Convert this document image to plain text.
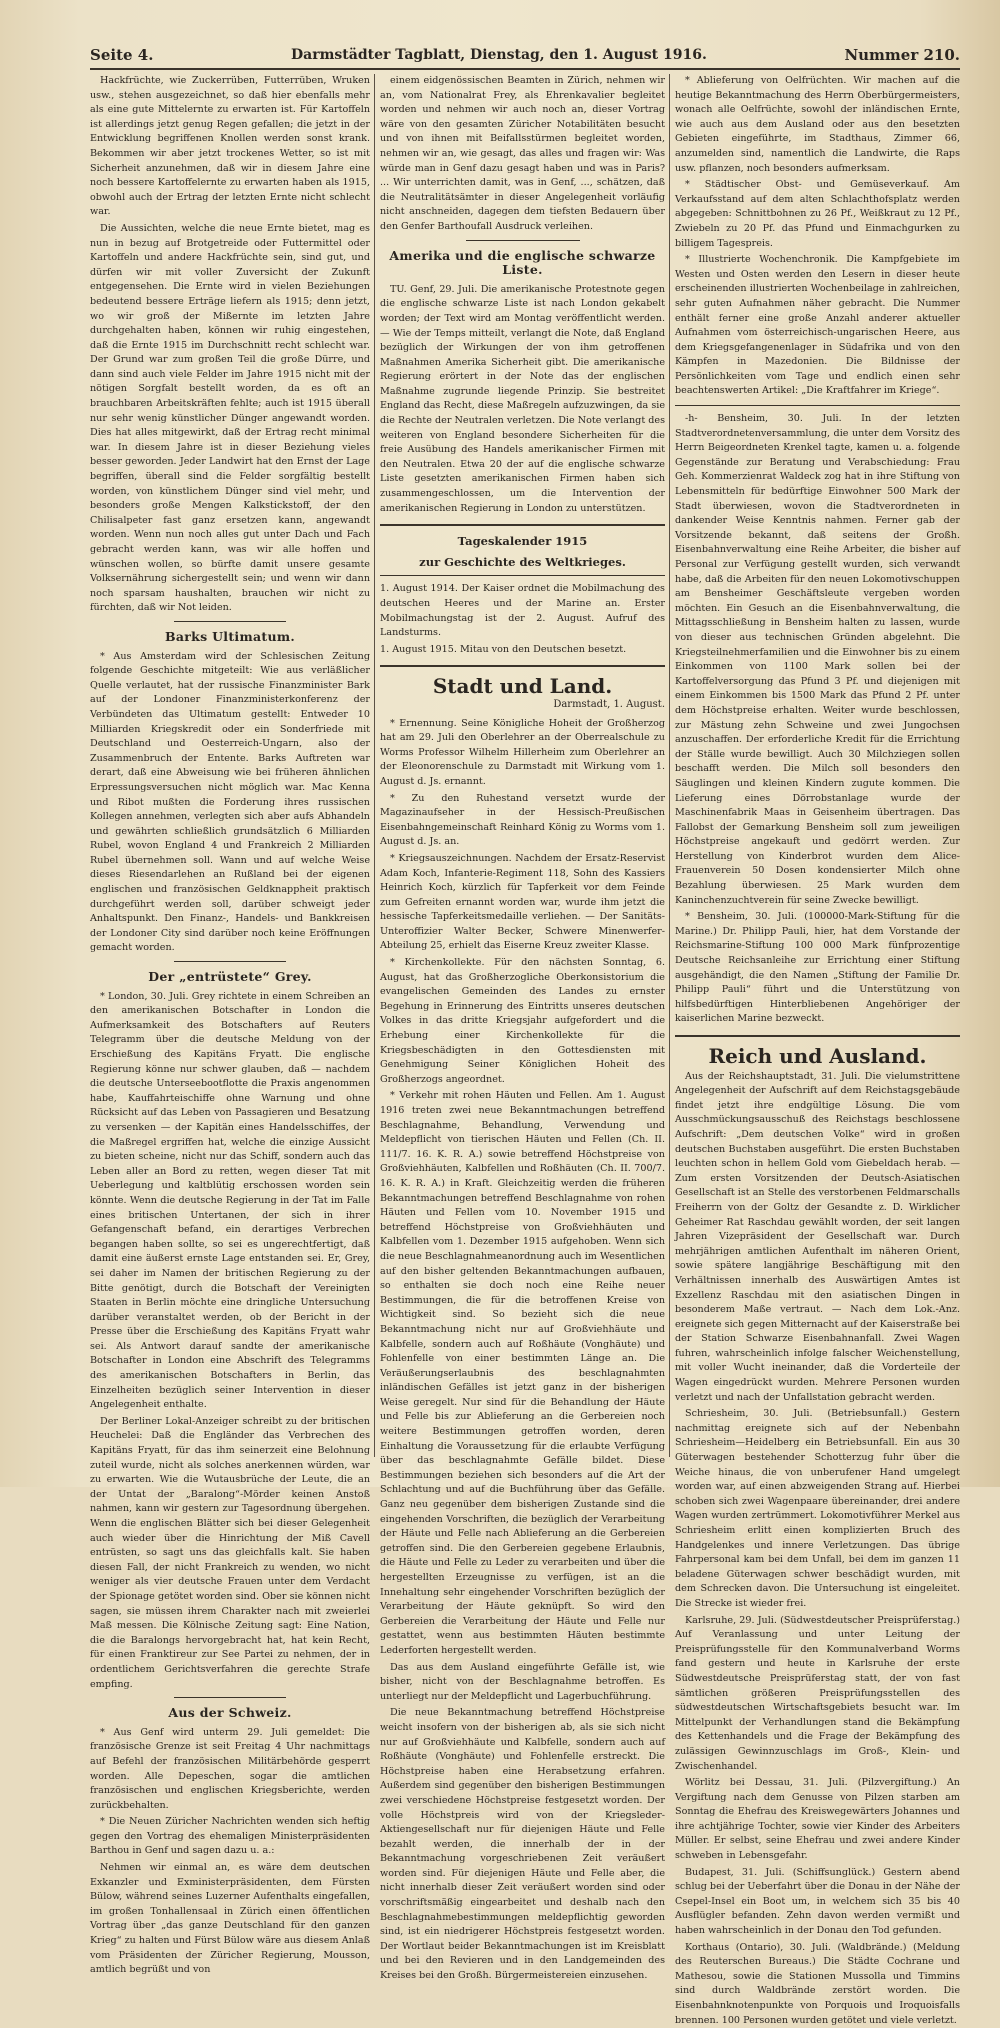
Seite 4.	Darmstädter Tagblatt, Dienstag, den 1. August 1916.	Nummer 210.

Hackfrüchte, wie Zuckerrüben, Futterrüben, Wruken usw., stehen ausgezeichnet, so daß hier ebenfalls mehr als eine gute Mittelernte zu erwarten ist. Für Kartoffeln ist allerdings jetzt genug Regen gefallen; die jetzt in der Entwicklung begriffenen Knollen werden sonst krank. Bekommen wir aber jetzt trockenes Wetter, so ist mit Sicherheit anzunehmen, daß wir in diesem Jahre eine noch bessere Kartoffelernte zu erwarten haben als 1915, obwohl auch der Ertrag der letzten Ernte nicht schlecht war.

Die Aussichten, welche die neue Ernte bietet, mag es nun in bezug auf Brotgetreide oder Futtermittel oder Kartoffeln und andere Hackfrüchte sein, sind gut, und dürfen wir mit voller Zuversicht der Zukunft entgegensehen. Die Ernte wird in vielen Beziehungen bedeutend bessere Erträge liefern als 1915; denn jetzt, wo wir groß der Mißernte im letzten Jahre durchgehalten haben, können wir ruhig eingestehen, daß die Ernte 1915 im Durchschnitt recht schlecht war. Der Grund war zum großen Teil die große Dürre, und dann sind auch viele Felder im Jahre 1915 nicht mit der nötigen Sorgfalt bestellt worden, da es oft an brauchbaren Arbeitskräften fehlte; auch ist 1915 überall nur sehr wenig künstlicher Dünger angewandt worden. Dies hat alles mitgewirkt, daß der Ertrag recht minimal war. In diesem Jahre ist in dieser Beziehung vieles besser geworden. Jeder Landwirt hat den Ernst der Lage begriffen, überall sind die Felder sorgfältig bestellt worden, von künstlichem Dünger sind viel mehr, und besonders große Mengen Kalkstickstoff, der den Chilisalpeter fast ganz ersetzen kann, angewandt worden. Wenn nun noch alles gut unter Dach und Fach gebracht werden kann, was wir alle hoffen und wünschen wollen, so bürfte damit unsere gesamte Volksernährung sichergestellt sein; und wenn wir dann noch sparsam haushalten, brauchen wir nicht zu fürchten, daß wir Not leiden.

Barks Ultimatum.

* Aus Amsterdam wird der Schlesischen Zeitung folgende Geschichte mitgeteilt: Wie aus verläßlicher Quelle verlautet, hat der russische Finanzminister Bark auf der Londoner Finanzministerkonferenz der Verbündeten das Ultimatum gestellt: Entweder 10 Milliarden Kriegskredit oder ein Sonderfriede mit Deutschland und Oesterreich-Ungarn, also der Zusammenbruch der Entente. Barks Auftreten war derart, daß eine Abweisung wie bei früheren ähnlichen Erpressungsversuchen nicht möglich war. Mac Kenna und Ribot mußten die Forderung ihres russischen Kollegen annehmen, verlegten sich aber aufs Abhandeln und gewährten schließlich grundsätzlich 6 Milliarden Rubel, wovon England 4 und Frankreich 2 Milliarden Rubel übernehmen soll. Wann und auf welche Weise dieses Riesendarlehen an Rußland bei der eigenen englischen und französischen Geldknappheit praktisch durchgeführt werden soll, darüber schweigt jeder Anhaltspunkt. Den Finanz-, Handels- und Bankkreisen der Londoner City sind darüber noch keine Eröffnungen gemacht worden.

Der „entrüstete“ Grey.

* London, 30. Juli. Grey richtete in einem Schreiben an den amerikanischen Botschafter in London die Aufmerksamkeit des Botschafters auf Reuters Telegramm über die deutsche Meldung von der Erschießung des Kapitäns Fryatt. Die englische Regierung könne nur schwer glauben, daß — nachdem die deutsche Unterseebootflotte die Praxis angenommen habe, Kauffahrteischiffe ohne Warnung und ohne Rücksicht auf das Leben von Passagieren und Besatzung zu versenken — der Kapitän eines Handelsschiffes, der die Maßregel ergriffen hat, welche die einzige Aussicht zu bieten scheine, nicht nur das Schiff, sondern auch das Leben aller an Bord zu retten, wegen dieser Tat mit Ueberlegung und kaltblütig erschossen worden sein könnte. Wenn die deutsche Regierung in der Tat im Falle eines britischen Untertanen, der sich in ihrer Gefangenschaft befand, ein derartiges Verbrechen begangen haben sollte, so sei es ungerechtfertigt, daß damit eine äußerst ernste Lage entstanden sei. Er, Grey, sei daher im Namen der britischen Regierung zu der Bitte genötigt, durch die Botschaft der Vereinigten Staaten in Berlin möchte eine dringliche Untersuchung darüber veranstaltet werden, ob der Bericht in der Presse über die Erschießung des Kapitäns Fryatt wahr sei. Als Antwort darauf sandte der amerikanische Botschafter in London eine Abschrift des Telegramms des amerikanischen Botschafters in Berlin, das Einzelheiten bezüglich seiner Intervention in dieser Angelegenheit enthalte.

Der Berliner Lokal-Anzeiger schreibt zu der britischen Heuchelei: Daß die Engländer das Verbrechen des Kapitäns Fryatt, für das ihm seinerzeit eine Belohnung zuteil wurde, nicht als solches anerkennen würden, war zu erwarten. Wie die Wutausbrüche der Leute, die an der Untat der „Baralong“-Mörder keinen Anstoß nahmen, kann wir gestern zur Tagesordnung übergehen. Wenn die englischen Blätter sich bei dieser Gelegenheit auch wieder über die Hinrichtung der Miß Cavell entrüsten, so sagt uns das gleichfalls kalt. Sie haben diesen Fall, der nicht Frankreich zu wenden, wo nicht weniger als vier deutsche Frauen unter dem Verdacht der Spionage getötet worden sind. Ober sie können nicht sagen, sie müssen ihrem Charakter nach mit zweierlei Maß messen. Die Kölnische Zeitung sagt: Eine Nation, die die Baralongs hervorgebracht hat, hat kein Recht, für einen Franktireur zur See Partei zu nehmen, der in ordentlichem Gerichtsverfahren die gerechte Strafe empfing.

Aus der Schweiz.

* Aus Genf wird unterm 29. Juli gemeldet: Die französische Grenze ist seit Freitag 4 Uhr nachmittags auf Befehl der französischen Militärbehörde gesperrt worden. Alle Depeschen, sogar die amtlichen französischen und englischen Kriegsberichte, werden zurückbehalten.

* Die Neuen Züricher Nachrichten wenden sich heftig gegen den Vortrag des ehemaligen Ministerpräsidenten Barthou in Genf und sagen dazu u. a.:

Nehmen wir einmal an, es wäre dem deutschen Exkanzler und Exministerpräsidenten, dem Fürsten Bülow, während seines Luzerner Aufenthalts eingefallen, im großen Tonhallensaal in Zürich einen öffentlichen Vortrag über „das ganze Deutschland für den ganzen Krieg“ zu halten und Fürst Bülow wäre aus diesem Anlaß vom Präsidenten der Züricher Regierung, Mousson, amtlich begrüßt und von

einem eidgenössischen Beamten in Zürich, nehmen wir an, vom Nationalrat Frey, als Ehrenkavalier begleitet worden und nehmen wir auch noch an, dieser Vortrag wäre von den gesamten Züricher Notabilitäten besucht und von ihnen mit Beifallsstürmen begleitet worden, nehmen wir an, wie gesagt, das alles und fragen wir: Was würde man in Genf dazu gesagt haben und was in Paris? ... Wir unterrichten damit, was in Genf, ..., schätzen, daß die Neutralitätsämter in dieser Angelegenheit vorläufig nicht anschneiden, dagegen dem tiefsten Bedauern über den Genfer Barthoufall Ausdruck verleihen.

Amerika und die englische schwarze Liste.

TU. Genf, 29. Juli. Die amerikanische Protestnote gegen die englische schwarze Liste ist nach London gekabelt worden; der Text wird am Montag veröffentlicht werden. — Wie der Temps mitteilt, verlangt die Note, daß England bezüglich der Wirkungen der von ihm getroffenen Maßnahmen Amerika Sicherheit gibt. Die amerikanische Regierung erörtert in der Note das der englischen Maßnahme zugrunde liegende Prinzip. Sie bestreitet England das Recht, diese Maßregeln aufzuzwingen, da sie die Rechte der Neutralen verletzen. Die Note verlangt des weiteren von England besondere Sicherheiten für die freie Ausübung des Handels amerikanischer Firmen mit den Neutralen. Etwa 20 der auf die englische schwarze Liste gesetzten amerikanischen Firmen haben sich zusammengeschlossen, um die Intervention der amerikanischen Regierung in London zu unterstützen.

Tageskalender 1915
zur Geschichte des Weltkrieges.

1. August 1914. Der Kaiser ordnet die Mobilmachung des deutschen Heeres und der Marine an. Erster Mobilmachungstag ist der 2. August. Aufruf des Landsturms.

1. August 1915. Mitau von den Deutschen besetzt.

Stadt und Land.
Darmstadt, 1. August.

* Ernennung. Seine Königliche Hoheit der Großherzog hat am 29. Juli den Oberlehrer an der Oberrealschule zu Worms Professor Wilhelm Hillerheim zum Oberlehrer an der Eleonorenschule zu Darmstadt mit Wirkung vom 1. August d. Js. ernannt.

* Zu den Ruhestand versetzt wurde der Magazinaufseher in der Hessisch-Preußischen Eisenbahngemeinschaft Reinhard König zu Worms vom 1. August d. Js. an.

* Kriegsauszeichnungen. Nachdem der Ersatz-Reservist Adam Koch, Infanterie-Regiment 118, Sohn des Kassiers Heinrich Koch, kürzlich für Tapferkeit vor dem Feinde zum Gefreiten ernannt worden war, wurde ihm jetzt die hessische Tapferkeitsmedaille verliehen. — Der Sanitäts-Unteroffizier Walter Becker, Schwere Minenwerfer-Abteilung 25, erhielt das Eiserne Kreuz zweiter Klasse.

* Kirchenkollekte. Für den nächsten Sonntag, 6. August, hat das Großherzogliche Oberkonsistorium die evangelischen Gemeinden des Landes zu ernster Begehung in Erinnerung des Eintritts unseres deutschen Volkes in das dritte Kriegsjahr aufgefordert und die Erhebung einer Kirchenkollekte für die Kriegsbeschädigten in den Gottesdiensten mit Genehmigung Seiner Königlichen Hoheit des Großherzogs angeordnet.

* Verkehr mit rohen Häuten und Fellen. Am 1. August 1916 treten zwei neue Bekanntmachungen betreffend Beschlagnahme, Behandlung, Verwendung und Meldepflicht von tierischen Häuten und Fellen (Ch. II. 111/7. 16. K. R. A.) sowie betreffend Höchstpreise von Großviehhäuten, Kalbfellen und Roßhäuten (Ch. II. 700/7. 16. K. R. A.) in Kraft. Gleichzeitig werden die früheren Bekanntmachungen betreffend Beschlagnahme von rohen Häuten und Fellen vom 10. November 1915 und betreffend Höchstpreise von Großviehhäuten und Kalbfellen vom 1. Dezember 1915 aufgehoben. Wenn sich die neue Beschlagnahmeanordnung auch im Wesentlichen auf den bisher geltenden Bekanntmachungen aufbauen, so enthalten sie doch noch eine Reihe neuer Bestimmungen, die für die betroffenen Kreise von Wichtigkeit sind. So bezieht sich die neue Bekanntmachung nicht nur auf Großviehhäute und Kalbfelle, sondern auch auf Roßhäute (Vonghäute) und Fohlenfelle von einer bestimmten Länge an. Die Veräußerungserlaubnis des beschlagnahmten inländischen Gefälles ist jetzt ganz in der bisherigen Weise geregelt. Nur sind für die Behandlung der Häute und Felle bis zur Ablieferung an die Gerbereien noch weitere Bestimmungen getroffen worden, deren Einhaltung die Voraussetzung für die erlaubte Verfügung über das beschlagnahmte Gefälle bildet. Diese Bestimmungen beziehen sich besonders auf die Art der Schlachtung und auf die Buchführung über das Gefälle. Ganz neu gegenüber dem bisherigen Zustande sind die eingehenden Vorschriften, die bezüglich der Verarbeitung der Häute und Felle nach Ablieferung an die Gerbereien getroffen sind. Die den Gerbereien gegebene Erlaubnis, die Häute und Felle zu Leder zu verarbeiten und über die hergestellten Erzeugnisse zu verfügen, ist an die Innehaltung sehr eingehender Vorschriften bezüglich der Verarbeitung der Häute geknüpft. So wird den Gerbereien die Verarbeitung der Häute und Felle nur gestattet, wenn aus bestimmten Häuten bestimmte Lederforten hergestellt werden.

Das aus dem Ausland eingeführte Gefälle ist, wie bisher, nicht von der Beschlagnahme betroffen. Es unterliegt nur der Meldepflicht und Lagerbuchführung.

Die neue Bekanntmachung betreffend Höchstpreise weicht insofern von der bisherigen ab, als sie sich nicht nur auf Großviehhäute und Kalbfelle, sondern auch auf Roßhäute (Vonghäute) und Fohlenfelle erstreckt. Die Höchstpreise haben eine Herabsetzung erfahren. Außerdem sind gegenüber den bisherigen Bestimmungen zwei verschiedene Höchstpreise festgesetzt worden. Der volle Höchstpreis wird von der Kriegsleder-Aktiengesellschaft nur für diejenigen Häute und Felle bezahlt werden, die innerhalb der in der Bekanntmachung vorgeschriebenen Zeit veräußert worden sind. Für diejenigen Häute und Felle aber, die nicht innerhalb dieser Zeit veräußert worden sind oder vorschriftsmäßig eingearbeitet und deshalb nach den Beschlagnahmebestimmungen meldepflichtig geworden sind, ist ein niedrigerer Höchstpreis festgesetzt worden. Der Wortlaut beider Bekanntmachungen ist im Kreisblatt und bei den Revieren und in den Landgemeinden des Kreises bei den Großh. Bürgermeistereien einzusehen.

* Ablieferung von Oelfrüchten. Wir machen auf die heutige Bekanntmachung des Herrn Oberbürgermeisters, wonach alle Oelfrüchte, sowohl der inländischen Ernte, wie auch aus dem Ausland oder aus den besetzten Gebieten eingeführte, im Stadthaus, Zimmer 66, anzumelden sind, namentlich die Landwirte, die Raps usw. pflanzen, noch besonders aufmerksam.

* Städtischer Obst- und Gemüseverkauf. Am Verkaufsstand auf dem alten Schlachthofsplatz werden abgegeben: Schnittbohnen zu 26 Pf., Weißkraut zu 12 Pf., Zwiebeln zu 20 Pf. das Pfund und Einmachgurken zu billigem Tagespreis.

* Illustrierte Wochenchronik. Die Kampfgebiete im Westen und Osten werden den Lesern in dieser heute erscheinenden illustrierten Wochenbeilage in zahlreichen, sehr guten Aufnahmen näher gebracht. Die Nummer enthält ferner eine große Anzahl anderer aktueller Aufnahmen vom österreichisch-ungarischen Heere, aus dem Kriegsgefangenenlager in Südafrika und von den Kämpfen in Mazedonien. Die Bildnisse der Persönlichkeiten vom Tage und endlich einen sehr beachtenswerten Artikel: „Die Kraftfahrer im Kriege“.

-h- Bensheim, 30. Juli. In der letzten Stadtverordnetenversammlung, die unter dem Vorsitz des Herrn Beigeordneten Krenkel tagte, kamen u. a. folgende Gegenstände zur Beratung und Verabschiedung: Frau Geh. Kommerzienrat Waldeck zog hat in ihre Stiftung von Lebensmitteln für bedürftige Einwohner 500 Mark der Stadt überwiesen, wovon die Stadtverordneten in dankender Weise Kenntnis nahmen. Ferner gab der Vorsitzende bekannt, daß seitens der Großh. Eisenbahnverwaltung eine Reihe Arbeiter, die bisher auf Personal zur Verfügung gestellt wurden, sich verwandt habe, daß die Arbeiten für den neuen Lokomotivschuppen am Bensheimer Geschäftsleute vergeben worden möchten. Ein Gesuch an die Eisenbahnverwaltung, die Mittagsschließung in Bensheim halten zu lassen, wurde von dieser aus technischen Gründen abgelehnt. Die Kriegsteilnehmerfamilien und die Einwohner bis zu einem Einkommen von 1100 Mark sollen bei der Kartoffelversorgung das Pfund 3 Pf. und diejenigen mit einem Einkommen bis 1500 Mark das Pfund 2 Pf. unter dem Höchstpreise erhalten. Weiter wurde beschlossen, zur Mästung zehn Schweine und zwei Jungochsen anzuschaffen. Der erforderliche Kredit für die Errichtung der Ställe wurde bewilligt. Auch 30 Milchziegen sollen beschafft werden. Die Milch soll besonders den Säuglingen und kleinen Kindern zugute kommen. Die Lieferung eines Dörrobstanlage wurde der Maschinenfabrik Maas in Geisenheim übertragen. Das Fallobst der Gemarkung Bensheim soll zum jeweiligen Höchstpreise angekauft und gedörrt werden. Zur Herstellung von Kinderbrot wurden dem Alice-Frauenverein 50 Dosen kondensierter Milch ohne Bezahlung überwiesen. 25 Mark wurden dem Kaninchenzuchtverein für seine Zwecke bewilligt.

* Bensheim, 30. Juli. (100000-Mark-Stiftung für die Marine.) Dr. Philipp Pauli, hier, hat dem Vorstande der Reichsmarine-Stiftung 100 000 Mark fünfprozentige Deutsche Reichsanleihe zur Errichtung einer Stiftung ausgehändigt, die den Namen „Stiftung der Familie Dr. Philipp Pauli“ führt und die Unterstützung von hilfsbedürftigen Hinterbliebenen Angehöriger der kaiserlichen Marine bezweckt.

Reich und Ausland.

Aus der Reichshauptstadt, 31. Juli. Die vielumstrittene Angelegenheit der Aufschrift auf dem Reichstagsgebäude findet jetzt ihre endgültige Lösung. Die vom Ausschmückungsausschuß des Reichstags beschlossene Aufschrift: „Dem deutschen Volke“ wird in großen deutschen Buchstaben ausgeführt. Die ersten Buchstaben leuchten schon in hellem Gold vom Giebeldach herab. — Zum ersten Vorsitzenden der Deutsch-Asiatischen Gesellschaft ist an Stelle des verstorbenen Feldmarschalls Freiherrn von der Goltz der Gesandte z. D. Wirklicher Geheimer Rat Raschdau gewählt worden, der seit langen Jahren Vizepräsident der Gesellschaft war. Durch mehrjährigen amtlichen Aufenthalt im näheren Orient, sowie spätere langjährige Beschäftigung mit den Verhältnissen innerhalb des Auswärtigen Amtes ist Exzellenz Raschdau mit den asiatischen Dingen in besonderem Maße vertraut. — Nach dem Lok.-Anz. ereignete sich gegen Mitternacht auf der Kaiserstraße bei der Station Schwarze Eisenbahnanfall. Zwei Wagen fuhren, wahrscheinlich infolge falscher Weichenstellung, mit voller Wucht ineinander, daß die Vorderteile der Wagen eingedrückt wurden. Mehrere Personen wurden verletzt und nach der Unfallstation gebracht werden.

Schriesheim, 30. Juli. (Betriebsunfall.) Gestern nachmittag ereignete sich auf der Nebenbahn Schriesheim—Heidelberg ein Betriebsunfall. Ein aus 30 Güterwagen bestehender Schotterzug fuhr über die Weiche hinaus, die von unberufener Hand umgelegt worden war, auf einen abzweigenden Strang auf. Hierbei schoben sich zwei Wagenpaare übereinander, drei andere Wagen wurden zertrümmert. Lokomotivführer Merkel aus Schriesheim erlitt einen komplizierten Bruch des Handgelenkes und innere Verletzungen. Das übrige Fahrpersonal kam bei dem Unfall, bei dem im ganzen 11 beladene Güterwagen schwer beschädigt wurden, mit dem Schrecken davon. Die Untersuchung ist eingeleitet. Die Strecke ist wieder frei.

Karlsruhe, 29. Juli. (Südwestdeutscher Preisprüferstag.) Auf Veranlassung und unter Leitung der Preisprüfungsstelle für den Kommunalverband Worms fand gestern und heute in Karlsruhe der erste Südwestdeutsche Preisprüferstag statt, der von fast sämtlichen größeren Preisprüfungsstellen des südwestdeutschen Wirtschaftsgebiets besucht war. Im Mittelpunkt der Verhandlungen stand die Bekämpfung des Kettenhandels und die Frage der Bekämpfung des zulässigen Gewinnzuschlags im Groß-, Klein- und Zwischenhandel.

Wörlitz bei Dessau, 31. Juli. (Pilzvergiftung.) An Vergiftung nach dem Genusse von Pilzen starben am Sonntag die Ehefrau des Kreiswegewärters Johannes und ihre achtjährige Tochter, sowie vier Kinder des Arbeiters Müller. Er selbst, seine Ehefrau und zwei andere Kinder schweben in Lebensgefahr.

Budapest, 31. Juli. (Schiffsunglück.) Gestern abend schlug bei der Ueberfahrt über die Donau in der Nähe der Csepel-Insel ein Boot um, in welchem sich 35 bis 40 Ausflügler befanden. Zehn davon werden vermißt und haben wahrscheinlich in der Donau den Tod gefunden.

Korthaus (Ontario), 30. Juli. (Waldbrände.) (Meldung des Reuterschen Bureaus.) Die Städte Cochrane und Mathesou, sowie die Stationen Mussolla und Timmins sind durch Waldbrände zerstört worden. Die Eisenbahnknotenpunkte von Porquois und Iroquoisfalls brennen. 100 Personen wurden getötet und viele verletzt.
